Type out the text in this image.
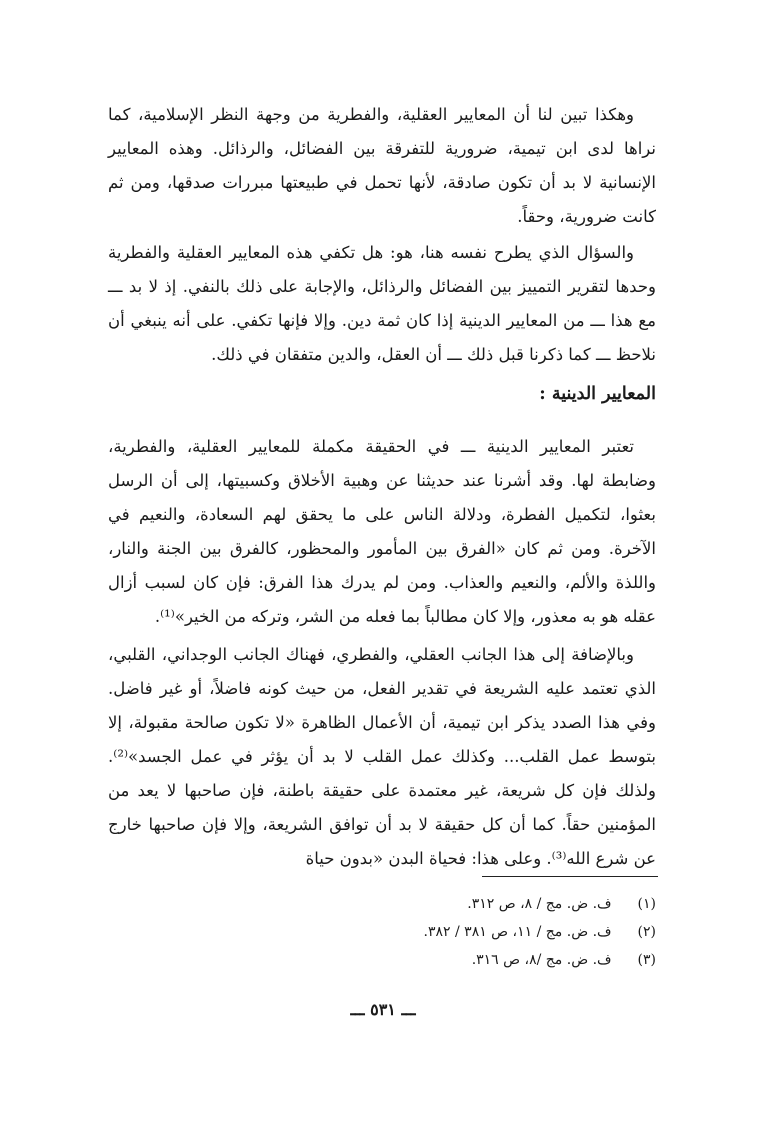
وهكذا تبين لنا أن المعايير العقلية، والفطرية من وجهة النظر الإسلامية، كما نراها لدى ابن تيمية، ضرورية للتفرقة بين الفضائل، والرذائل. وهذه المعايير الإنسانية لا بد أن تكون صادقة، لأنها تحمل في طبيعتها مبررات صدقها، ومن ثم كانت ضرورية، وحقاً.

والسؤال الذي يطرح نفسه هنا، هو: هل تكفي هذه المعايير العقلية والفطرية وحدها لتقرير التمييز بين الفضائل والرذائل، والإجابة على ذلك بالنفي. إذ لا بد ـــ مع هذا ـــ من المعايير الدينية إذا كان ثمة دين. وإلا فإنها تكفي. على أنه ينبغي أن نلاحظ ـــ كما ذكرنا قبل ذلك ـــ أن العقل، والدين متفقان في ذلك.

المعايير الدينية :

تعتبر المعايير الدينية ـــ في الحقيقة مكملة للمعايير العقلية، والفطرية، وضابطة لها. وقد أشرنا عند حديثنا عن وهبية الأخلاق وكسبيتها، إلى أن الرسل بعثوا، لتكميل الفطرة، ودلالة الناس على ما يحقق لهم السعادة، والنعيم في الآخرة. ومن ثم كان «الفرق بين المأمور والمحظور، كالفرق بين الجنة والنار، واللذة والألم، والنعيم والعذاب. ومن لم يدرك هذا الفرق: فإن كان لسبب أزال عقله هو به معذور، وإلا كان مطالباً بما فعله من الشر، وتركه من الخير»⁽¹⁾.

وبالإضافة إلى هذا الجانب العقلي، والفطري، فهناك الجانب الوجداني، القلبي، الذي تعتمد عليه الشريعة في تقدير الفعل، من حيث كونه فاضلاً، أو غير فاضل. وفي هذا الصدد يذكر ابن تيمية، أن الأعمال الظاهرة «لا تكون صالحة مقبولة، إلا بتوسط عمل القلب... وكذلك عمل القلب لا بد أن يؤثر في عمل الجسد»⁽²⁾. ولذلك فإن كل شريعة، غير معتمدة على حقيقة باطنة، فإن صاحبها لا يعد من المؤمنين حقاً. كما أن كل حقيقة لا بد أن توافق الشريعة، وإلا فإن صاحبها خارج عن شرع الله⁽³⁾. وعلى هذا: فحياة البدن «بدون حياة

(١) ف. ض. مج / ٨، ص ٣١٢.
(٢) ف. ض. مج / ١١، ص ٣٨١ / ٣٨٢.
(٣) ف. ض. مج /٨، ص ٣١٦.
ـــ ٥٣١ ـــ
